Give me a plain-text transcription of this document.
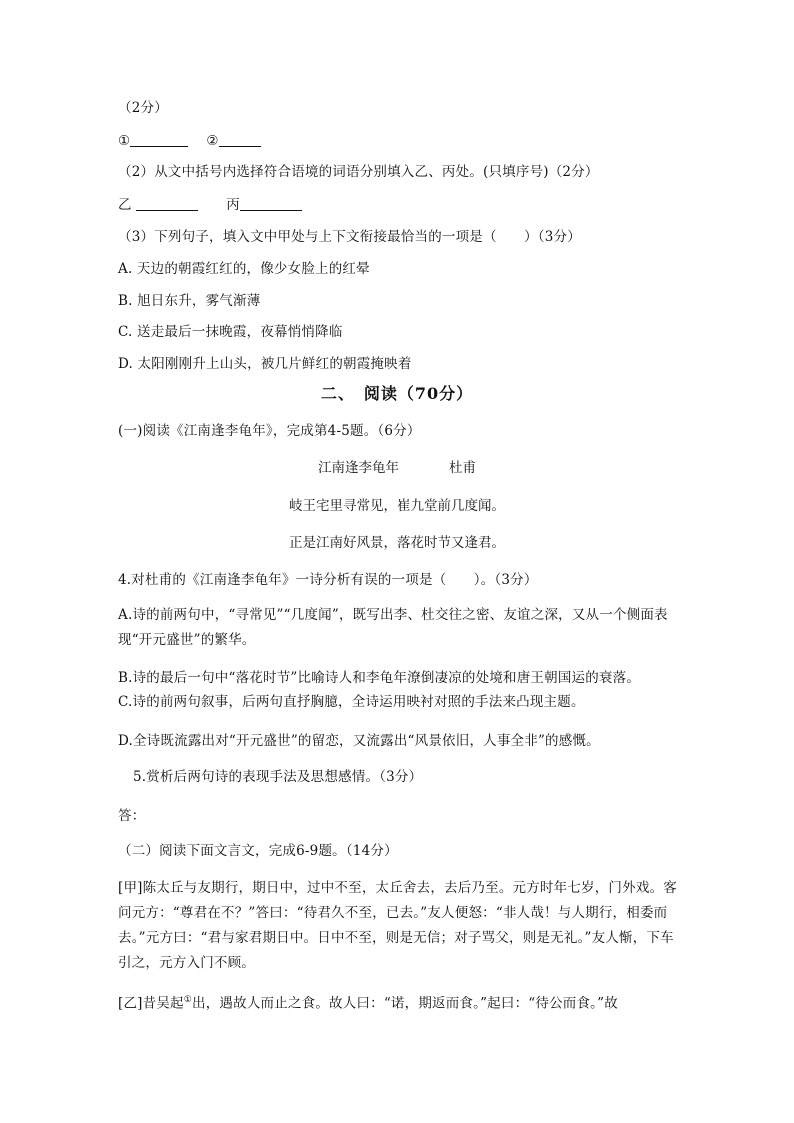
（2分）
①	②
（2）从文中括号内选择符合语境的词语分别填入乙、丙处。(只填序号)（2分）
乙	丙
（3）下列句子，填入文中甲处与上下文衔接最恰当的一项是（　　）（3分）
A. 天边的朝霞红红的，像少女脸上的红晕
B. 旭日东升，雾气渐薄
C. 送走最后一抹晚霞，夜幕悄悄降临
D. 太阳刚刚升上山头，被几片鲜红的朝霞掩映着
二、　阅读（70分）
(一)阅读《江南逢李龟年》，完成第4-5题。（6分）
江南逢李龟年	杜甫
岐王宅里寻常见，崔九堂前几度闻。
正是江南好风景，落花时节又逢君。
4.对杜甫的《江南逢李龟年》一诗分析有误的一项是（　　）。（3分）
A.诗的前两句中，“寻常见”“几度闻”，既写出李、杜交往之密、友谊之深，又从一个侧面表现“开元盛世”的繁华。
B.诗的最后一句中“落花时节”比喻诗人和李龟年潦倒凄凉的处境和唐王朝国运的衰落。
C.诗的前两句叙事，后两句直抒胸臆，全诗运用映衬对照的手法来凸现主题。
D.全诗既流露出对“开元盛世”的留恋，又流露出“风景依旧，人事全非”的感慨。
5.赏析后两句诗的表现手法及思想感情。（3分）
答：
（二）阅读下面文言文，完成6-9题。（14分）
[甲]陈太丘与友期行，期日中，过中不至，太丘舍去，去后乃至。元方时年七岁，门外戏。客问元方：“尊君在不？”答曰：“待君久不至，已去。”友人便怒：“非人哉！与人期行，相委而去。”元方曰：“君与家君期日中。日中不至，则是无信；对子骂父，则是无礼。”友人惭，下车引之，元方入门不顾。
[乙]昔吴起①出，遇故人而止之食。故人曰：“诺，期返而食。”起曰：“待公而食。”故
